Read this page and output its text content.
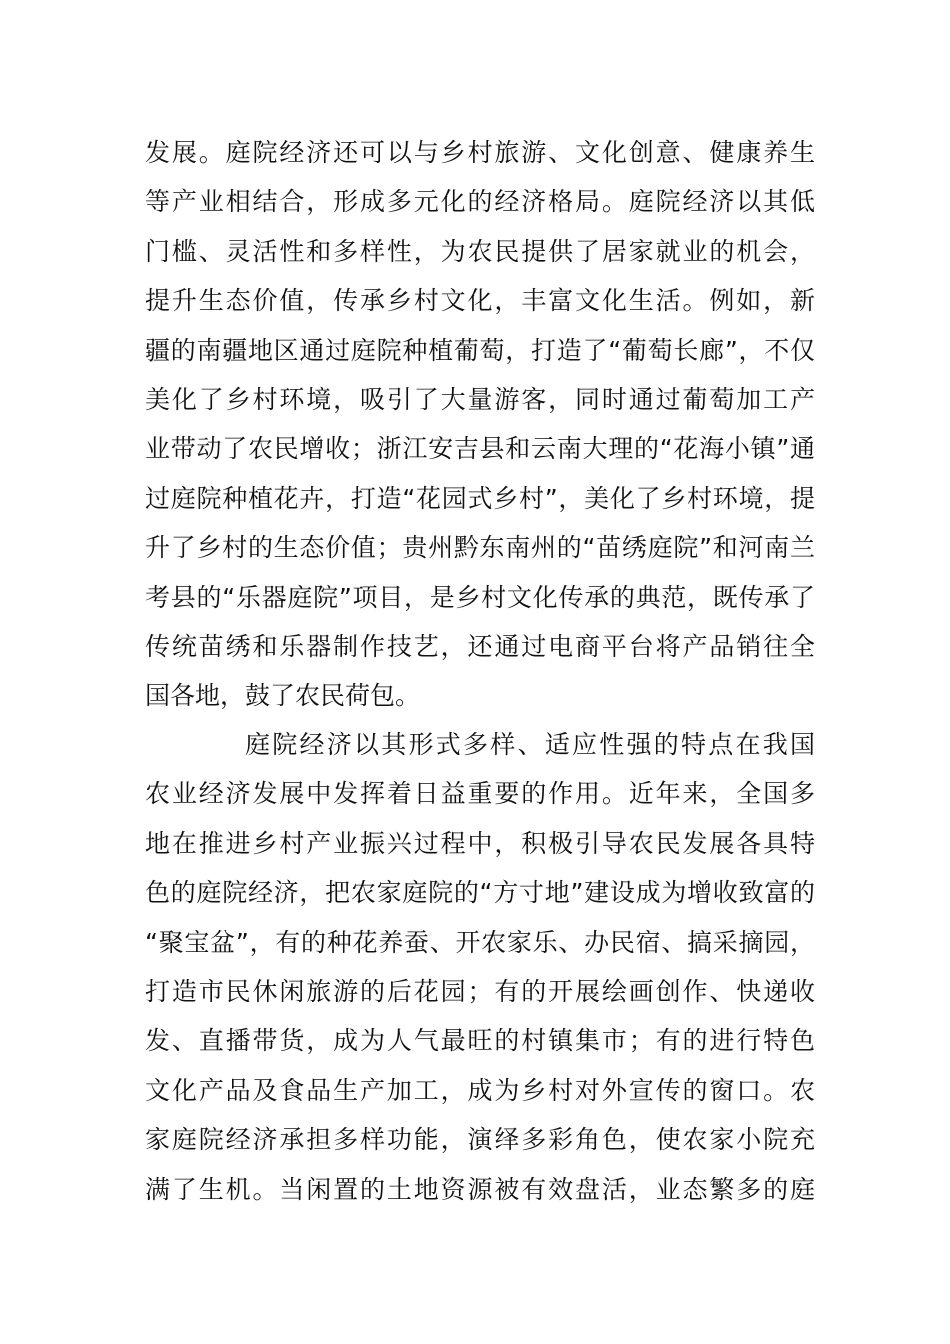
发展。庭院经济还可以与乡村旅游、文化创意、健康养生
等产业相结合，形成多元化的经济格局。庭院经济以其低
门槛、灵活性和多样性，为农民提供了居家就业的机会，
提升生态价值，传承乡村文化，丰富文化生活。例如，新
疆的南疆地区通过庭院种植葡萄，打造了“葡萄长廊”，不仅
美化了乡村环境，吸引了大量游客，同时通过葡萄加工产
业带动了农民增收；浙江安吉县和云南大理的“花海小镇”通
过庭院种植花卉，打造“花园式乡村”，美化了乡村环境，提
升了乡村的生态价值；贵州黔东南州的“苗绣庭院”和河南兰
考县的“乐器庭院”项目，是乡村文化传承的典范，既传承了
传统苗绣和乐器制作技艺，还通过电商平台将产品销往全
国各地，鼓了农民荷包。
庭院经济以其形式多样、适应性强的特点在我国
农业经济发展中发挥着日益重要的作用。近年来，全国多
地在推进乡村产业振兴过程中，积极引导农民发展各具特
色的庭院经济，把农家庭院的“方寸地”建设成为增收致富的
“聚宝盆”，有的种花养蚕、开农家乐、办民宿、搞采摘园，
打造市民休闲旅游的后花园；有的开展绘画创作、快递收
发、直播带货，成为人气最旺的村镇集市；有的进行特色
文化产品及食品生产加工，成为乡村对外宣传的窗口。农
家庭院经济承担多样功能，演绎多彩角色，使农家小院充
满了生机。当闲置的土地资源被有效盘活，业态繁多的庭
